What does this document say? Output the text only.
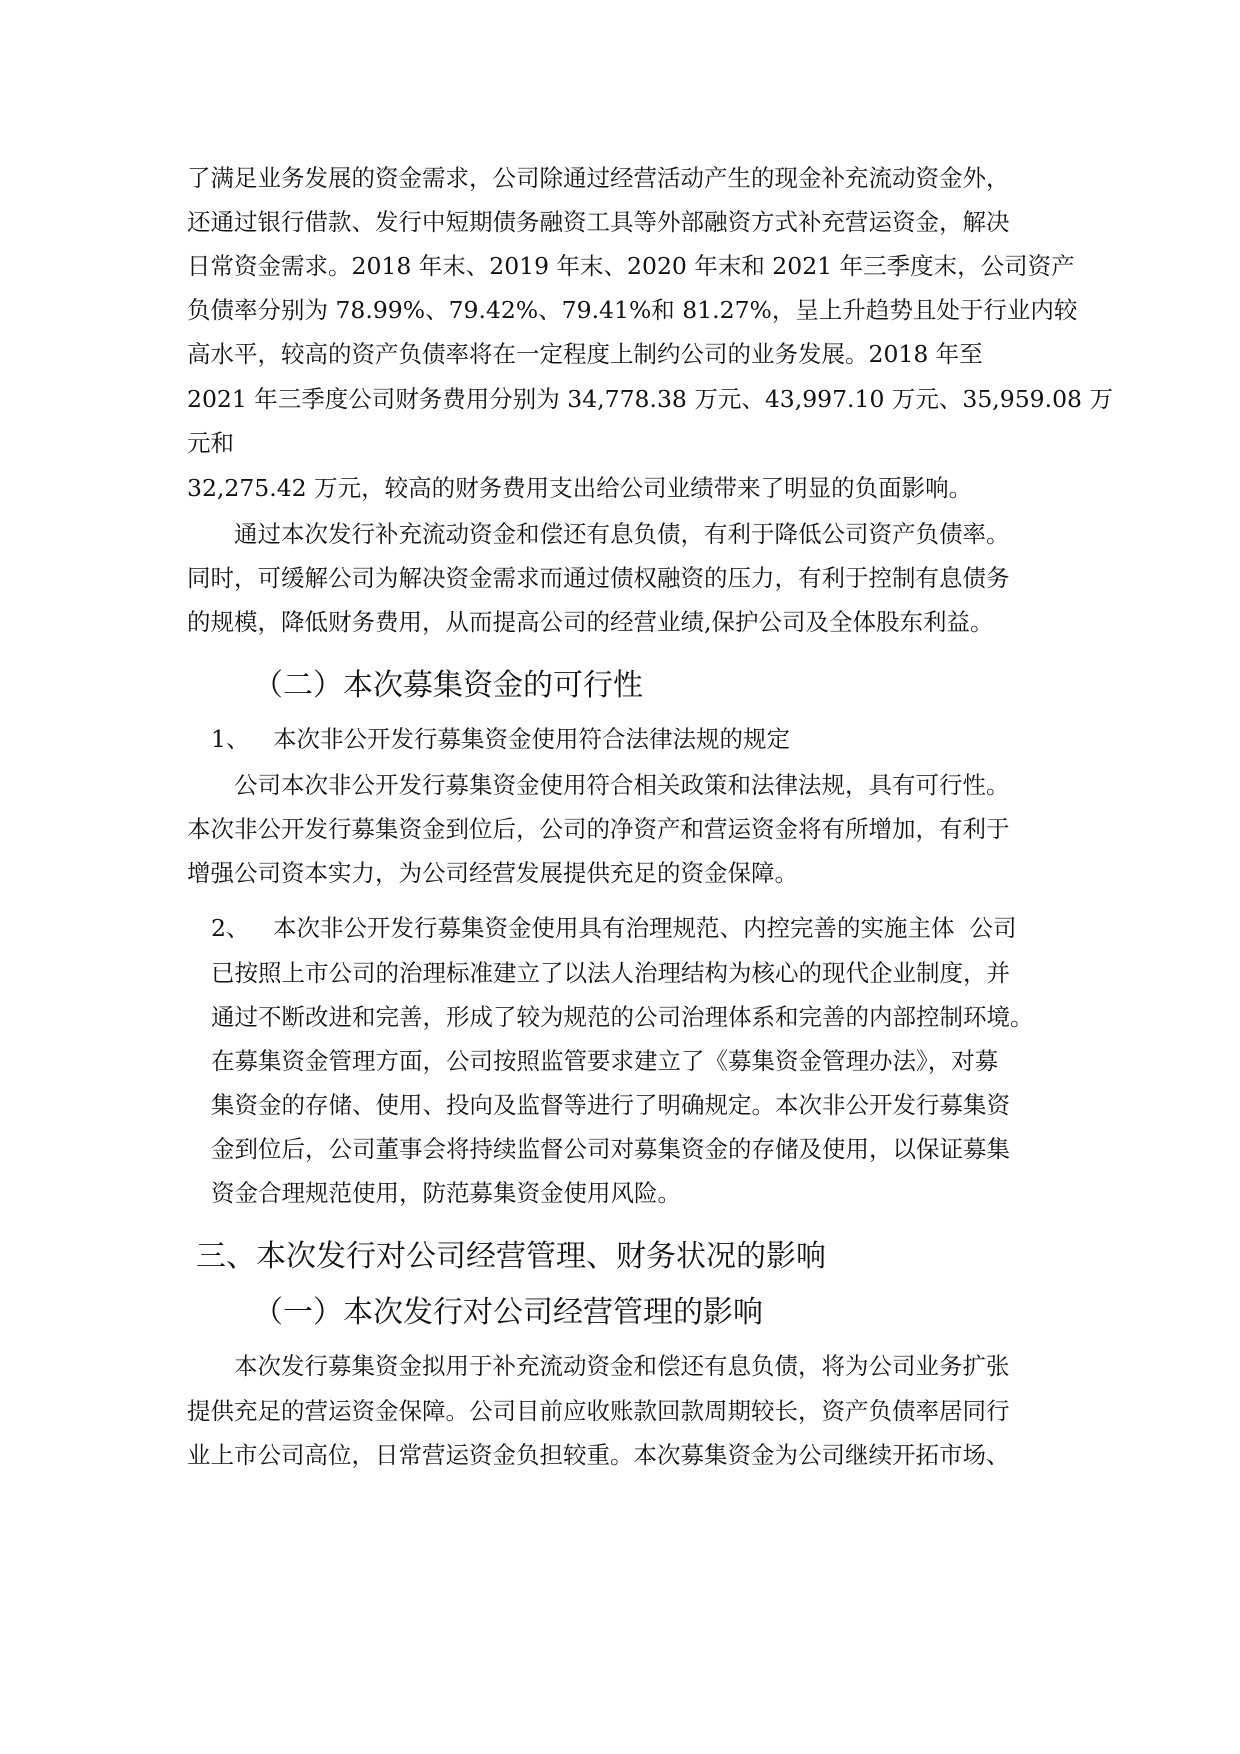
了满足业务发展的资金需求，公司除通过经营活动产生的现金补充流动资金外，
还通过银行借款、发行中短期债务融资工具等外部融资方式补充营运资金，解决
日常资金需求。2018 年末、2019 年末、2020 年末和 2021 年三季度末，公司资产
负债率分别为 78.99%、79.42%、79.41%和 81.27%，呈上升趋势且处于行业内较
高水平，较高的资产负债率将在一定程度上制约公司的业务发展。2018 年至
2021 年三季度公司财务费用分别为 34,778.38 万元、43,997.10 万元、35,959.08 万
元和
32,275.42 万元，较高的财务费用支出给公司业绩带来了明显的负面影响。
通过本次发行补充流动资金和偿还有息负债，有利于降低公司资产负债率。
同时，可缓解公司为解决资金需求而通过债权融资的压力，有利于控制有息债务
的规模，降低财务费用，从而提高公司的经营业绩,保护公司及全体股东利益。
（二）本次募集资金的可行性
1、 本次非公开发行募集资金使用符合法律法规的规定
公司本次非公开发行募集资金使用符合相关政策和法律法规，具有可行性。
本次非公开发行募集资金到位后，公司的净资产和营运资金将有所增加，有利于
增强公司资本实力，为公司经营发展提供充足的资金保障。
2、 本次非公开发行募集资金使用具有治理规范、内控完善的实施主体  公司
已按照上市公司的治理标准建立了以法人治理结构为核心的现代企业制度，并
通过不断改进和完善，形成了较为规范的公司治理体系和完善的内部控制环境。
在募集资金管理方面，公司按照监管要求建立了《募集资金管理办法》，对募
集资金的存储、使用、投向及监督等进行了明确规定。本次非公开发行募集资
金到位后，公司董事会将持续监督公司对募集资金的存储及使用，以保证募集
资金合理规范使用，防范募集资金使用风险。
三、本次发行对公司经营管理、财务状况的影响
（一）本次发行对公司经营管理的影响
本次发行募集资金拟用于补充流动资金和偿还有息负债，将为公司业务扩张
提供充足的营运资金保障。公司目前应收账款回款周期较长，资产负债率居同行
业上市公司高位，日常营运资金负担较重。本次募集资金为公司继续开拓市场、
